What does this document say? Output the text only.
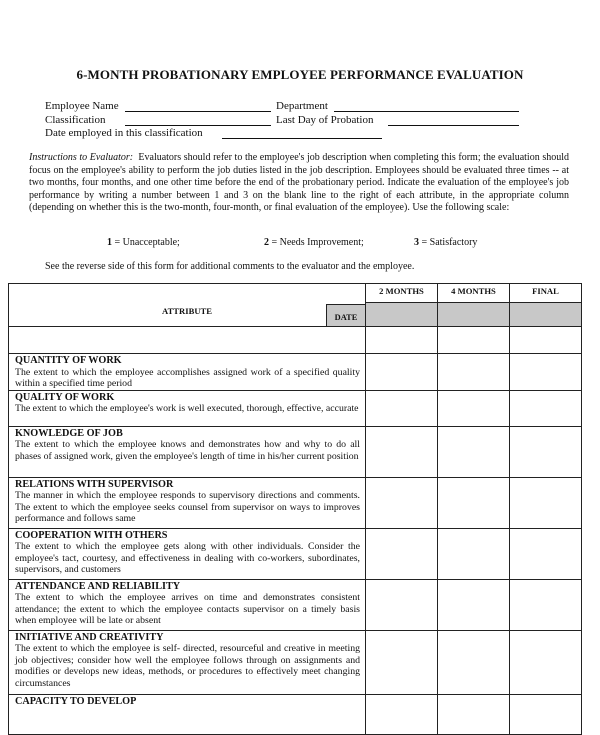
6-MONTH PROBATIONARY EMPLOYEE PERFORMANCE EVALUATION
Employee Name	Department
Classification	Last Day of Probation
Date employed in this classification
Instructions to Evaluator: Evaluators should refer to the employee's job description when completing this form; the evaluation should focus on the employee's ability to perform the job duties listed in the job description. Employees should be evaluated three times -- at two months, four months, and one other time before the end of the probationary period. Indicate the evaluation of the employee's job performance by writing a number between 1 and 3 on the blank line to the right of each attribute, in the appropriate column (depending on whether this is the two-month, four-month, or final evaluation of the employee). Use the following scale:
1 = Unacceptable;	2 = Needs Improvement;	3 = Satisfactory
See the reverse side of this form for additional comments to the evaluator and the employee.
ATTRIBUTE
DATE	2 MONTHS	4 MONTHS	FINAL

QUANTITY OF WORK
The extent to which the employee accomplishes assigned work of a specified quality within a specified time period			

QUALITY OF WORK
The extent to which the employee's work is well executed, thorough, effective, accurate			

KNOWLEDGE OF JOB
The extent to which the employee knows and demonstrates how and why to do all phases of assigned work, given the employee's length of time in his/her current position			

RELATIONS WITH SUPERVISOR
The manner in which the employee responds to supervisory directions and comments. The extent to which the employee seeks counsel from supervisor on ways to improves performance and follows same			

COOPERATION WITH OTHERS
The extent to which the employee gets along with other individuals. Consider the employee's tact, courtesy, and effectiveness in dealing with co-workers, subordinates, supervisors, and customers			

ATTENDANCE AND RELIABILITY
The extent to which the employee arrives on time and demonstrates consistent attendance; the extent to which the employee contacts supervisor on a timely basis when employee will be late or absent			

INITIATIVE AND CREATIVITY
The extent to which the employee is self- directed, resourceful and creative in meeting job objectives; consider how well the employee follows through on assignments and modifies or develops new ideas, methods, or procedures to effectively meet changing circumstances			

CAPACITY TO DEVELOP			
